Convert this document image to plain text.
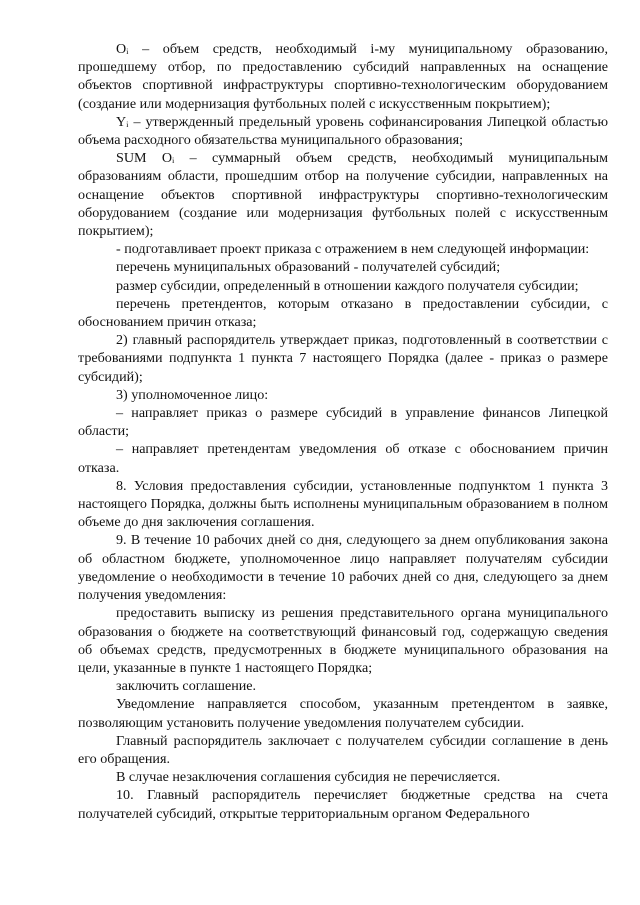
Oᵢ – объем средств, необходимый i-му муниципальному образованию, прошедшему отбор, по предоставлению субсидий направленных на оснащение объектов спортивной инфраструктуры спортивно-технологическим оборудованием (создание или модернизация футбольных полей с искусственным покрытием);

Yᵢ – утвержденный предельный уровень софинансирования Липецкой областью объема расходного обязательства муниципального образования;

SUM Oᵢ – суммарный объем средств, необходимый муниципальным образованиям области, прошедшим отбор на получение субсидии, направленных на оснащение объектов спортивной инфраструктуры спортивно-технологическим оборудованием (создание или модернизация футбольных полей с искусственным покрытием);

- подготавливает проект приказа с отражением в нем следующей информации:

перечень муниципальных образований - получателей субсидий;

размер субсидии, определенный в отношении каждого получателя субсидии;

перечень претендентов, которым отказано в предоставлении субсидии, с обоснованием причин отказа;

2) главный распорядитель утверждает приказ, подготовленный в соответствии с требованиями подпункта 1 пункта 7 настоящего Порядка (далее - приказ о размере субсидий);

3) уполномоченное лицо:

– направляет приказ о размере субсидий в управление финансов Липецкой области;

– направляет претендентам уведомления об отказе с обоснованием причин отказа.

8. Условия предоставления субсидии, установленные подпунктом 1 пункта 3 настоящего Порядка, должны быть исполнены муниципальным образованием в полном объеме до дня заключения соглашения.

9. В течение 10 рабочих дней со дня, следующего за днем опубликования закона об областном бюджете, уполномоченное лицо направляет получателям субсидии уведомление о необходимости в течение 10 рабочих дней со дня, следующего за днем получения уведомления:

предоставить выписку из решения представительного органа муниципального образования о бюджете на соответствующий финансовый год, содержащую сведения об объемах средств, предусмотренных в бюджете муниципального образования на цели, указанные в пункте 1 настоящего Порядка;

заключить соглашение.

Уведомление направляется способом, указанным претендентом в заявке, позволяющим установить получение уведомления получателем субсидии.

Главный распорядитель заключает с получателем субсидии соглашение в день его обращения.

В случае незаключения соглашения субсидия не перечисляется.

10. Главный распорядитель перечисляет бюджетные средства на счета получателей субсидий, открытые территориальным органом Федерального
